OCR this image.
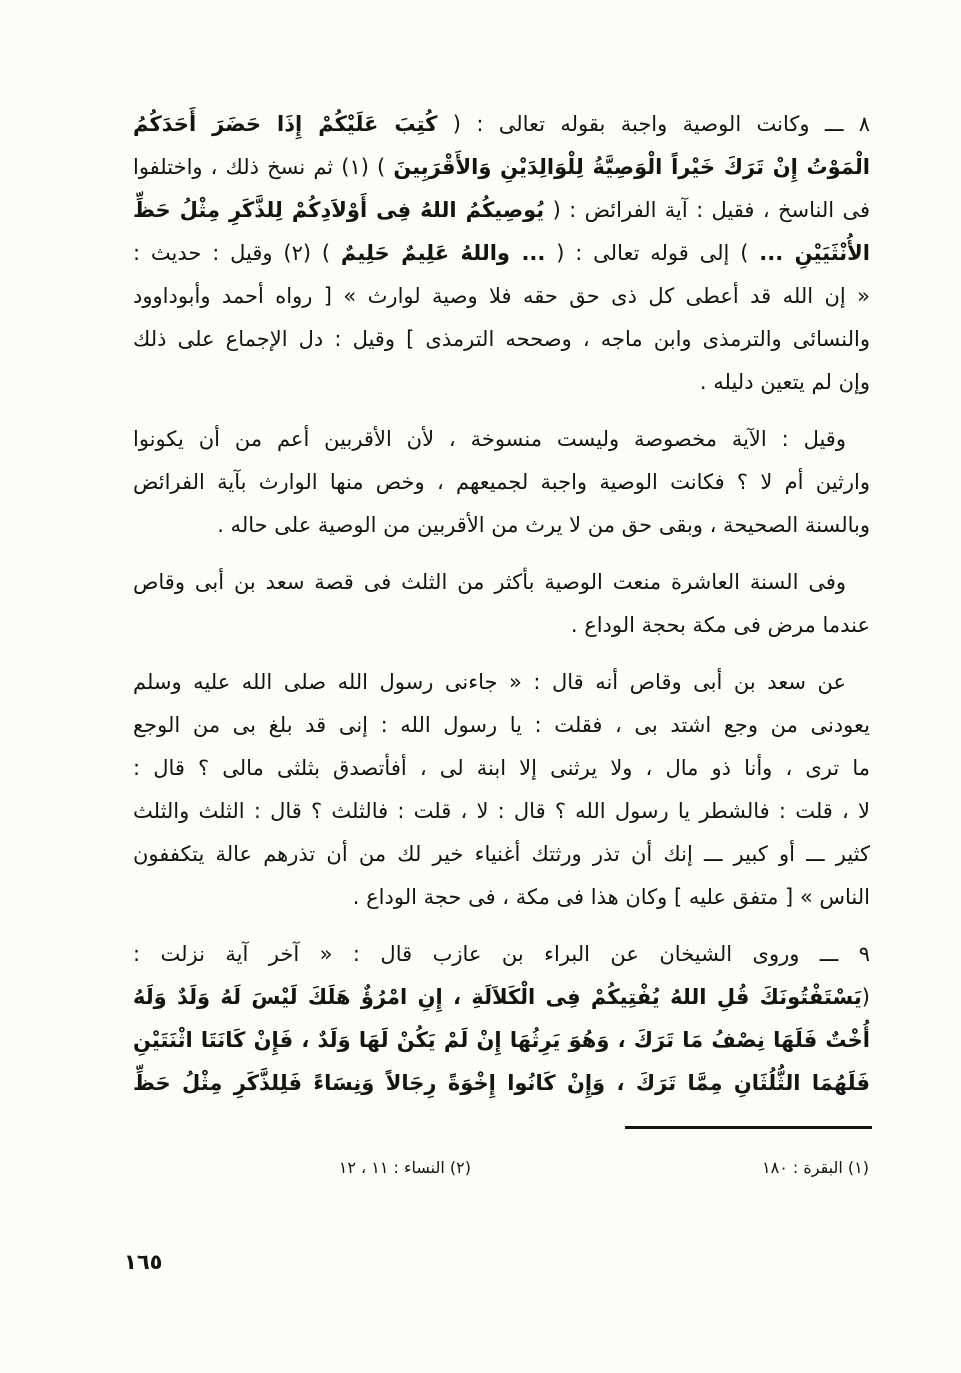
٨ ـــ وكانت الوصية واجبة بقوله تعالى : ( كُتِبَ عَلَيْكُمْ إِذَا حَضَرَ أَحَدَكُمُ
الْمَوْتُ إِنْ تَرَكَ خَيْراً الْوَصِيَّةُ لِلْوَالِدَيْنِ وَالأَقْرَبِينَ ) (١) ثم نسخ ذلك ، واختلفوا
فى الناسخ ، فقيل : آية الفرائض : ( يُوصِيكُمُ اللهُ فِى أَوْلاَدِكُمْ لِلذَّكَرِ مِثْلُ حَظِّ
الأُنْثَيَيْنِ ... ) إلى قوله تعالى : ( ... واللهُ عَلِيمٌ حَلِيمٌ ) (٢) وقيل : حديث :
« إن الله قد أعطى كل ذى حق حقه فلا وصية لوارث » [ رواه أحمد وأبوداوود
والنسائى والترمذى وابن ماجه ، وصححه الترمذى ] وقيل : دل الإجماع على ذلك
وإن لم يتعين دليله .
وقيل : الآية مخصوصة وليست منسوخة ، لأن الأقربين أعم من أن يكونوا
وارثين أم لا ؟ فكانت الوصية واجبة لجميعهم ، وخص منها الوارث بآية الفرائض
وبالسنة الصحيحة ، وبقى حق من لا يرث من الأقربين من الوصية على حاله .
وفى السنة العاشرة منعت الوصية بأكثر من الثلث فى قصة سعد بن أبى وقاص
عندما مرض فى مكة بحجة الوداع .
عن سعد بن أبى وقاص أنه قال : « جاءنى رسول الله صلى الله عليه وسلم
يعودنى من وجع اشتد بى ، فقلت : يا رسول الله : إنى قد بلغ بى من الوجع
ما ترى ، وأنا ذو مال ، ولا يرثنى إلا ابنة لى ، أفأتصدق بثلثى مالى ؟ قال :
لا ، قلت : فالشطر يا رسول الله ؟ قال : لا ، قلت : فالثلث ؟ قال : الثلث والثلث
كثير ـــ أو كبير ـــ إنك أن تذر ورثتك أغنياء خير لك من أن تذرهم عالة يتكففون
الناس » [ متفق عليه ] وكان هذا فى مكة ، فى حجة الوداع .
٩ ـــ وروى الشيخان عن البراء بن عازب قال : « آخر آية نزلت :
(يَسْتَفْتُونَكَ قُلِ اللهُ يُفْتِيكُمْ فِى الْكَلاَلَةِ ، إِنِ امْرُؤٌ هَلَكَ لَيْسَ لَهُ وَلَدٌ وَلَهُ
أُخْتٌ فَلَهَا نِصْفُ مَا تَرَكَ ، وَهُوَ يَرِثُهَا إِنْ لَمْ يَكُنْ لَهَا وَلَدٌ ، فَإِنْ كَانَتَا اثْنَتَيْنِ
فَلَهُمَا الثُّلُثَانِ مِمَّا تَرَكَ ، وَإِنْ كَانُوا إِخْوَةً رِجَالاً وَنِسَاءً فَلِلذَّكَرِ مِثْلُ حَظِّ
(١) البقرة : ١٨٠
(٢) النساء : ١١ ، ١٢
١٦٥
